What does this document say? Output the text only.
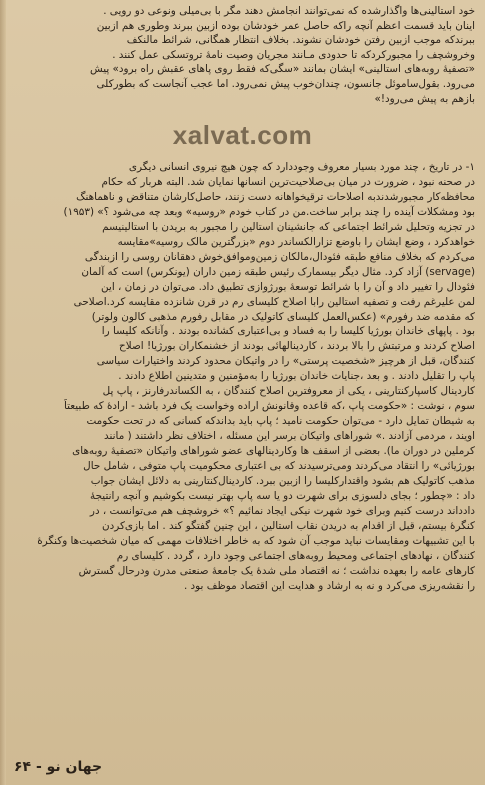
خود استالینی‌ها واگذارشده که نمی‌توانند انجامش دهند مگر با بی‌میلی ونوعی دو رویی .
اینان باید قسمت اعظم آنچه راکه حاصل عمر خودشان بوده ازبین ببرند وطوری هم ازبین
ببرندکه موجب ازبین رفتن خودشان نشوند. بخلاف انتظار همگانی، شرائط مالنکف
وخروشچف را مجبورکردکه تا حدودی مـانند مجریان وصیت نامهٔ تروتسکی عمل کنند .
«تصفیهٔ روبه‌های استالینی» ایشان بمانند «سگی‌که فقط روی پاهای عقبش راه برود» پیش
می‌رود. بقول‌ساموئل جانسون، چندان‌خوب پیش نمی‌رود. اما عجب آنجاست که بطورکلی
بازهم به پیش می‌رود!»
xalvat.com
۱- در تاریخ ، چند مورد بسیار معروف وجوددارد که چون هیچ نیروی انسانی دیگری
در صحنه نبود ، ضرورت در میان بی‌صلاحیت‌ترین انسانها نمایان شد. البته هربار که حکام
محافظه‌کار مجبورشدندبه اصلاحات ترقیخواهانه دست زنند، حاصل‌کارشان متناقض و ناهماهنگ
بود ومشکلات آینده را چند برابر ساخت.من در کتاب خودم «روسیه» وبعد چه می‌شود ؟» (۱۹۵۳)
در تجزیه وتحلیل شرائط اجتماعی که جانشینان استالین را مجبور به بریدن با استالینیسم
خواهدکرد ، وضع ایشان را باوضع تزارالکساندر دوم «بزرگترین مالک روسیه»مقایسه
می‌کردم که بخلاف منافع طبقه فئودال،مالکان زمین‌وموافق‌خوش دهقانان روسی را ازبندگی
(servage) آزاد کرد. مثال دیگر بیسمارک رئیس طبقه زمین داران (یونکرس) است که آلمان
فئودال را تغییر داد و آن را با شرائط توسعهٔ بورژوازی تطبیق داد. می‌توان در زمان ، این
لمن علیرغم رفت و تصفیه استالین رابا اصلاح کلیسای رم در قرن شانزده مقایسه کرد.اصلاحی
که مقدمه ضد رفورم» (عکس‌العمل کلیسای کاتولیک در مقابل رفورم مذهبی کالون ولوتر)
بود . پاپهای خاندان بورژیا کلیسا را به فساد و بی‌اعتباری کشانده بودند . وآنانکه کلیسا را
اصلاح کردند و مرتبتش را بالا بردند ، کاردینالهائی بودند از خشنمکاران بورژیا! اصلاح
کنندگان، قبل از هرچیز «شخصیت پرستی» را در واتیکان محدود کردند واختیارات سیاسی
پاپ را تقلیل دادند . و بعد ،جنایات خاندان بورژیا را به‌مؤمنین و متدینین اطلاع دادند .
کاردینال کاسپارکنتارینی ، یکی از معروفترین اصلاح کنندگان ، به الکساندرفارنز ، پاپ پل
سوم ، نوشت : «حکومت پاپ ،که قاعده وقانونش اراده وخواست یک فرد باشد - ارادهٔ که طبیعتاً
به شیطان تمایل دارد - می‌توان حکومت نامید ؛ پاپ باید بداندکه کسانی که در تحت حکومت
اویند ، مردمی آزادند .» شوراهای واتیکان برسر این مسئله ، اختلاف نظر داشتند ( مانند
کرملین در دوران ما). بعضی از اسقف ها وکاردینالهای عضو شوراهای واتیکان «تصفیهٔ روبه‌های
بورژیائی» را انتقاد می‌کردند ومی‌ترسیدند که بی اعتباری محکومیت پاپ متوفی ، شامل حال
مذهب کاتولیک هم بشود واقتدارکلیسا را ازبین ببرد. کاردینال‌کنتارینی به دلائل ایشان جواب
داد : «چطور ؛ بجای دلسوزی برای شهرت دو یا سه پاپ بهتر نیست بکوشیم و آنچه رانتیجهٔ
دادداند درست کنیم وبرای خود شهرت نیکی ایجاد نمائیم ؟» خروشچف هم می‌توانست ، در
کنگرهٔ بیستم، قبل از اقدام به دریدن نقاب استالین ، این چنین گفتگو کند . اما بازی‌کردن
با این تشبیهات ومقایسات نباید موجب آن شود که به خاطر اختلافات مهمی که میان شخصیت‌ها وکنگرهٔ
کنندگان ، نهادهای اجتماعی ومحیط روبه‌های اجتماعی وجود دارد ، گردد . کلیسای رم
کارهای عامه را بعهده نداشت ؛ نه اقتصاد ملی شدهٔ یک جامعهٔ صنعتی مدرن ودرحال گسترش
را نقشه‌ریزی می‌کرد و نه به ارشاد و هدایت این اقتصاد موظف بود .
جهان نو - ۶۴
